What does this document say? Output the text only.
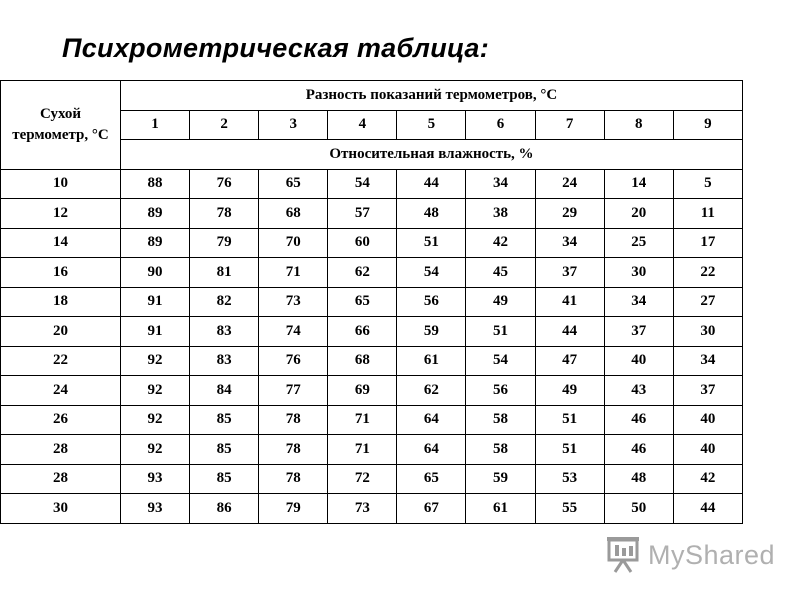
Психрометрическая таблица:
Сухой термометр, °C	Разность показаний термометров, °C								
	1	2	3	4	5	6	7	8	9
	Относительная влажность, %								
10	88	76	65	54	44	34	24	14	5
12	89	78	68	57	48	38	29	20	11
14	89	79	70	60	51	42	34	25	17
16	90	81	71	62	54	45	37	30	22
18	91	82	73	65	56	49	41	34	27
20	91	83	74	66	59	51	44	37	30
22	92	83	76	68	61	54	47	40	34
24	92	84	77	69	62	56	49	43	37
26	92	85	78	71	64	58	51	46	40
28	92	85	78	71	64	58	51	46	40
28	93	85	78	72	65	59	53	48	42
30	93	86	79	73	67	61	55	50	44
MyShared
